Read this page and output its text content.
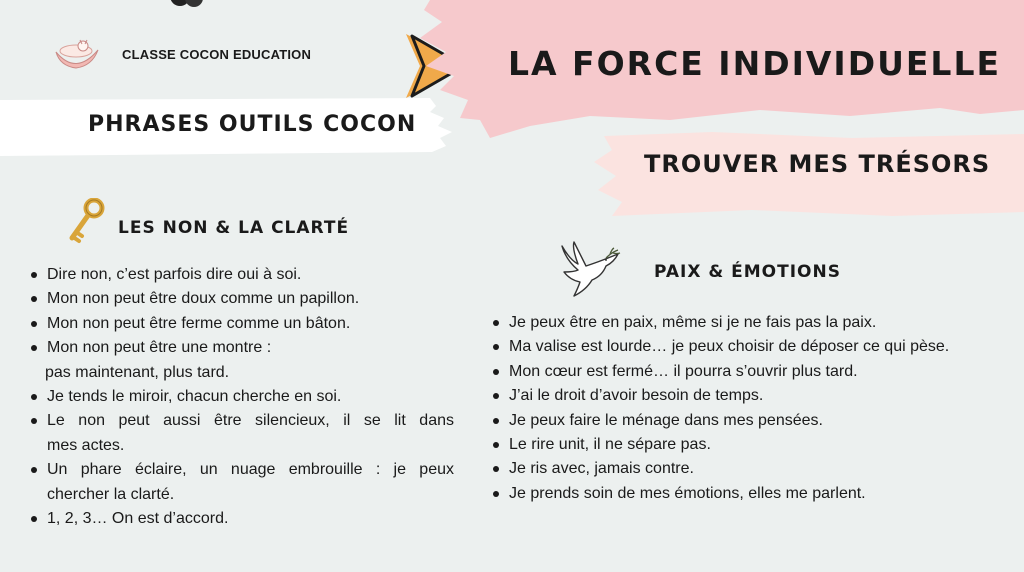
CLASSE COCON EDUCATION
PHRASES OUTILS COCON
LA FORCE INDIVIDUELLE
TROUVER MES TRÉSORS
LES NON & LA CLARTÉ
Dire non, c’est parfois dire oui à soi.
Mon non peut être doux comme un papillon.
Mon non peut être ferme comme un bâton.
Mon non peut être une montre :
pas maintenant, plus tard.
Je tends le miroir, chacun cherche en soi.
Le non peut aussi être silencieux, il se lit dans
mes actes.
Un phare éclaire, un nuage embrouille : je peux
chercher la clarté.
1, 2, 3… On est d’accord.
PAIX & ÉMOTIONS
Je peux être en paix, même si je ne fais pas la paix.
Ma valise est lourde… je peux choisir de déposer ce qui pèse.
Mon cœur est fermé… il pourra s’ouvrir plus tard.
J’ai le droit d’avoir besoin de temps.
Je peux faire le ménage dans mes pensées.
Le rire unit, il ne sépare pas.
Je ris avec, jamais contre.
Je prends soin de mes émotions, elles me parlent.
